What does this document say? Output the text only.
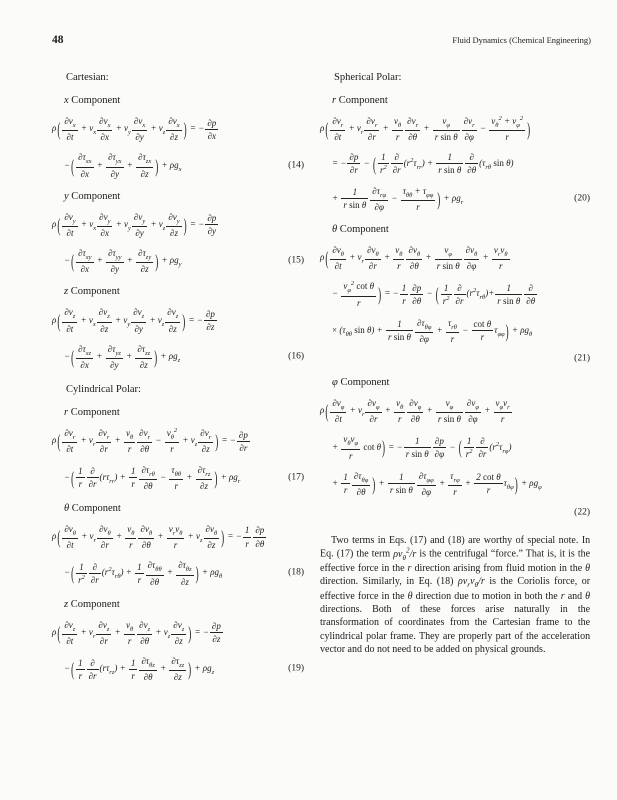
48	Fluid Dynamics (Chemical Engineering)
Cartesian:
x Component
$\rho( \frac{\partial v_x}{\partial t} + v_x \frac{\partial v_x}{\partial x} + v_y \frac{\partial v_x}{\partial y} + v_z \frac{\partial v_x}{\partial z}$ ) = − $\frac{\partial p}{\partial x}$
−( $\partial\tau_{xx}$
∂x
+
$\partial\tau_{yx}$
∂y
+
$\partial\tau_{zx}$
∂z ) + $\rho g_x$	(14)
y Component
$\rho( \frac{\partial v_y}{\partial t} + v_x \frac{\partial v_y}{\partial x} + v_y \frac{\partial v_y}{\partial y} + v_z \frac{\partial v_y}{\partial z}$ ) = − $\frac{\partial p}{\partial y}$
−( $\partial\tau_{xy}$
∂x
+
$\partial\tau_{yy}$
∂y
+
$\partial\tau_{zy}$
∂z ) + $\rho g_y$	(15)
z Component
$\rho( \frac{\partial v_z}{\partial t} + v_x \frac{\partial v_z}{\partial z} + v_y \frac{\partial v_z}{\partial y} + v_z \frac{\partial v_z}{\partial z}$ ) = − $\frac{\partial p}{\partial z}$
−( $\partial\tau_{xz}$
∂x
+
$\partial\tau_{yz}$
∂y
+
$\partial\tau_{zz}$
∂z ) + $\rho g_z$	(16)
Cylindrical Polar:
r Component
$\rho( \frac{\partial v_r}{\partial t} + v_r \frac{\partial v_r}{\partial r} + \frac{v_\theta}{r} \frac{\partial v_r}{\partial\theta} - \frac{v_\theta^2}{r} + v_z \frac{\partial v_r}{\partial z}$ ) = − $\frac{\partial p}{\partial r}$
−( $\frac{1}{r}$ ∂
∂r
$(r\tau_{rr}) + \frac{1}{r} \partial\tau_{r\theta}$
∂θ
−
$\tau_{\theta\theta}$
r
+
$\partial\tau_{rz}$
∂z ) + $\rho g_r$	(17)
θ Component
$\rho( \frac{\partial v_\theta}{\partial t} + v_r \frac{\partial v_\theta}{\partial r} + \frac{v_\theta}{r} \frac{\partial v_\theta}{\partial\theta}$ +
$v_rv_\theta$
r
+ $v_z \frac{\partial v_\theta}{\partial z}$ ) = − $\frac{1}{r} \frac{\partial p}{\partial\theta}$
−( $\frac{1}{r^2}$ ∂
∂r
$(r^2\tau_{r\theta}) + \frac{1}{r} \partial\tau_{\theta\theta}$
∂θ
+
$\partial\tau_{\theta z}$
∂z ) + $\rho g_\theta$	(18)
z Component
$\rho( \frac{\partial v_z}{\partial t} + v_r \frac{\partial v_z}{\partial r} + \frac{v_\theta}{r} \frac{\partial v_z}{\partial\theta} + v_z \frac{\partial v_z}{\partial z}$ ) = − $\frac{\partial p}{\partial z}$
−( $\frac{1}{r}$ ∂
∂r
$(r\tau_{rz}) + \frac{1}{r} \partial\tau_{\theta z}$
∂θ
+
$\partial\tau_{zz}$
∂z ) + $\rho g_z$	(19)
Spherical Polar:
r Component
$\rho( \frac{\partial v_r}{\partial t} + v_r \frac{\partial v_r}{\partial r} + \frac{v_\theta}{r} \frac{\partial v_r}{\partial\theta} + \frac{v_\varphi}{\text{r sin θ}} \frac{\partial v_r}{\partial\varphi} - \frac{v_\theta^2 + v_\varphi^2}{r}$ )
= − $\frac{\partial p}{\partial r}$ − ( $\frac{1}{r^2}$ ∂
∂r
$(r^2\tau_{rr}) + \frac{1}{\text{r sin θ}}$ ∂
∂θ
($\tau_{r\theta}$ sin θ)
+ $\frac{1}{\text{r sin θ}} \partial\tau_{r\varphi}$
∂φ
−
$\tau_{\theta\theta} + \tau_{\varphi\varphi}$
r	) + $\rho g_r$	(20)
θ Component
$\rho( \frac{\partial v_\theta}{\partial t} + v_r \frac{\partial v_\theta}{\partial r} + \frac{v_\theta}{r} \frac{\partial v_\theta}{\partial\theta} + \frac{v_\varphi}{\text{r sin θ}} \frac{\partial v_\theta}{\partial\varphi}$ +
$v_rv_\theta$
r
− $\frac{v_\varphi^2 \cot \theta}{r}$ ) = − $\frac{1}{r} \frac{\partial p}{\partial\theta}$ − ( $\frac{1}{r^2}$ ∂
∂r
$(r^2\tau_{r\theta})+ \frac{1}{\text{r sin θ}}$ ∂
∂θ
× ($\tau_{\theta\theta}$ $\sin \theta) + \frac{1}{\text{r sin θ}} \partial\tau_{\theta\varphi}$
∂φ
+
$\tau_{r\theta}$
r
− $\frac{\text{cot θ}}{r} \tau_{\varphi\varphi}) + \rho g_\theta$
(21)
φ Component
$\rho( \frac{\partial v_\varphi}{\partial t} + v_r \frac{\partial v_\varphi}{\partial r} + \frac{v_\theta}{r} \frac{\partial v_\varphi}{\partial\theta} + \frac{v_\varphi}{\text{r sin θ}} \frac{\partial v_\varphi}{\partial\varphi}$ +
$v_\varphi v_r$
r
+
$v_\theta v_\varphi$
r
cot θ) = − $\frac{1}{\text{r sin θ}} \frac{\partial p}{\partial\varphi}$ − ( $\frac{1}{r^2}$ ∂
∂r
$(r^2\tau_{r\varphi})$
+ $\frac{1}{r} \partial\tau_{\theta\varphi}$
∂θ ) + $\frac{1}{\text{r sin θ}} \partial\tau_{\varphi\varphi}$
∂φ
+
$\tau_{r\varphi}$
r
+ $\frac{\text{2 cot θ}}{r} \tau_{\theta\varphi}) + \rho g_\varphi$
(22)
Two terms in Eqs. (17) and (18) are worthy of special note. In Eq. (17) the term $\rho v_\theta^2/r$ is the centrifugal “force.” That is, it is the effective force in the r direction arising from fluid motion in the θ direction. Similarly, in Eq. (18) $\rho v_rv_\theta/r$ is the Coriolis force, or effective force in the θ direction due to motion in both the r and θ directions. Both of these forces arise naturally in the transformation of coordinates from the Cartesian frame to the cylindrical polar frame. They are properly part of the acceleration vector and do not need to be added on physical grounds.
